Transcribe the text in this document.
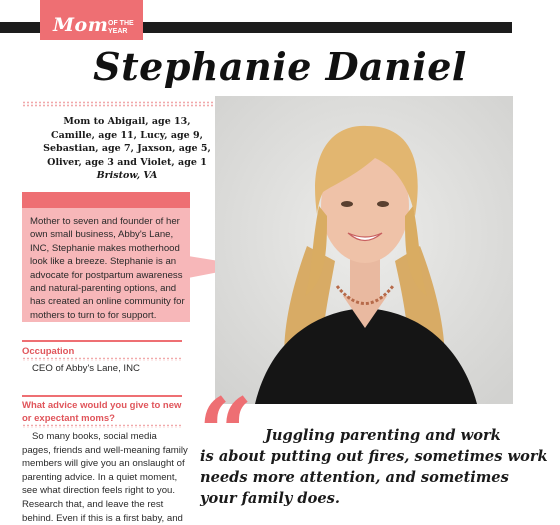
Mom OF THE
YEAR
Stephanie Daniel
Mom to Abigail, age 13,
Camille, age 11, Lucy, age 9,
Sebastian, age 7, Jaxson, age 5,
Oliver, age 3 and Violet, age 1
Bristow, VA
Mother to seven and founder of her own small business, Abby's Lane, INC, Stephanie makes motherhood look like a breeze. Stephanie is an advocate for postpartum awareness and natural-parenting options, and has created an online community for mothers to turn to for support.
Occupation
CEO of Abby's Lane, INC
What advice would you give to new or expectant moms?
So many books, social media pages, friends and well-meaning family members will give you an onslaught of parenting advice. In a quiet moment, see what direction feels right to you. Research that, and leave the rest behind. Even if this is a first baby, and
“ Juggling parenting and work
is about putting out fires, sometimes work
needs more attention, and sometimes
your family does.
